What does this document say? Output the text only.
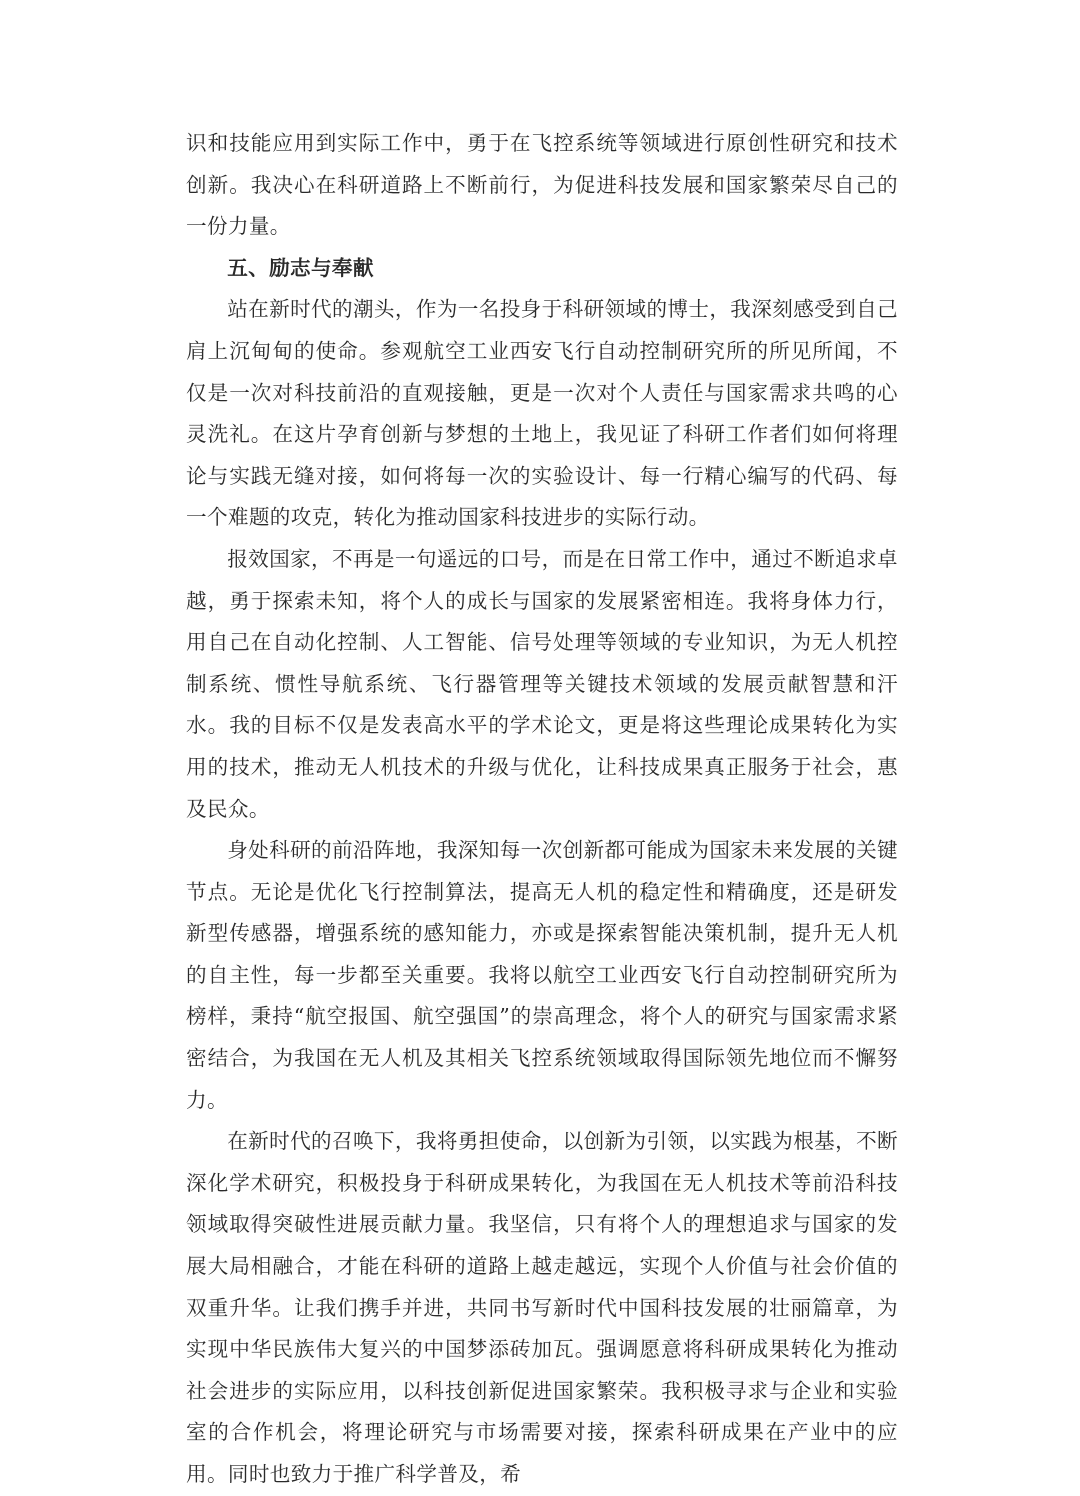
识和技能应用到实际工作中，勇于在飞控系统等领域进行原创性研究和技术创新。我决心在科研道路上不断前行，为促进科技发展和国家繁荣尽自己的一份力量。

五、励志与奉献

站在新时代的潮头，作为一名投身于科研领域的博士，我深刻感受到自己肩上沉甸甸的使命。参观航空工业西安飞行自动控制研究所的所见所闻，不仅是一次对科技前沿的直观接触，更是一次对个人责任与国家需求共鸣的心灵洗礼。在这片孕育创新与梦想的土地上，我见证了科研工作者们如何将理论与实践无缝对接，如何将每一次的实验设计、每一行精心编写的代码、每一个难题的攻克，转化为推动国家科技进步的实际行动。

报效国家，不再是一句遥远的口号，而是在日常工作中，通过不断追求卓越，勇于探索未知，将个人的成长与国家的发展紧密相连。我将身体力行，用自己在自动化控制、人工智能、信号处理等领域的专业知识，为无人机控制系统、惯性导航系统、飞行器管理等关键技术领域的发展贡献智慧和汗水。我的目标不仅是发表高水平的学术论文，更是将这些理论成果转化为实用的技术，推动无人机技术的升级与优化，让科技成果真正服务于社会，惠及民众。

身处科研的前沿阵地，我深知每一次创新都可能成为国家未来发展的关键节点。无论是优化飞行控制算法，提高无人机的稳定性和精确度，还是研发新型传感器，增强系统的感知能力，亦或是探索智能决策机制，提升无人机的自主性，每一步都至关重要。我将以航空工业西安飞行自动控制研究所为榜样，秉持“航空报国、航空强国”的崇高理念，将个人的研究与国家需求紧密结合，为我国在无人机及其相关飞控系统领域取得国际领先地位而不懈努力。

在新时代的召唤下，我将勇担使命，以创新为引领，以实践为根基，不断深化学术研究，积极投身于科研成果转化，为我国在无人机技术等前沿科技领域取得突破性进展贡献力量。我坚信，只有将个人的理想追求与国家的发展大局相融合，才能在科研的道路上越走越远，实现个人价值与社会价值的双重升华。让我们携手并进，共同书写新时代中国科技发展的壮丽篇章，为实现中华民族伟大复兴的中国梦添砖加瓦。强调愿意将科研成果转化为推动社会进步的实际应用，以科技创新促进国家繁荣。我积极寻求与企业和实验室的合作机会，将理论研究与市场需要对接，探索科研成果在产业中的应用。同时也致力于推广科学普及，希
